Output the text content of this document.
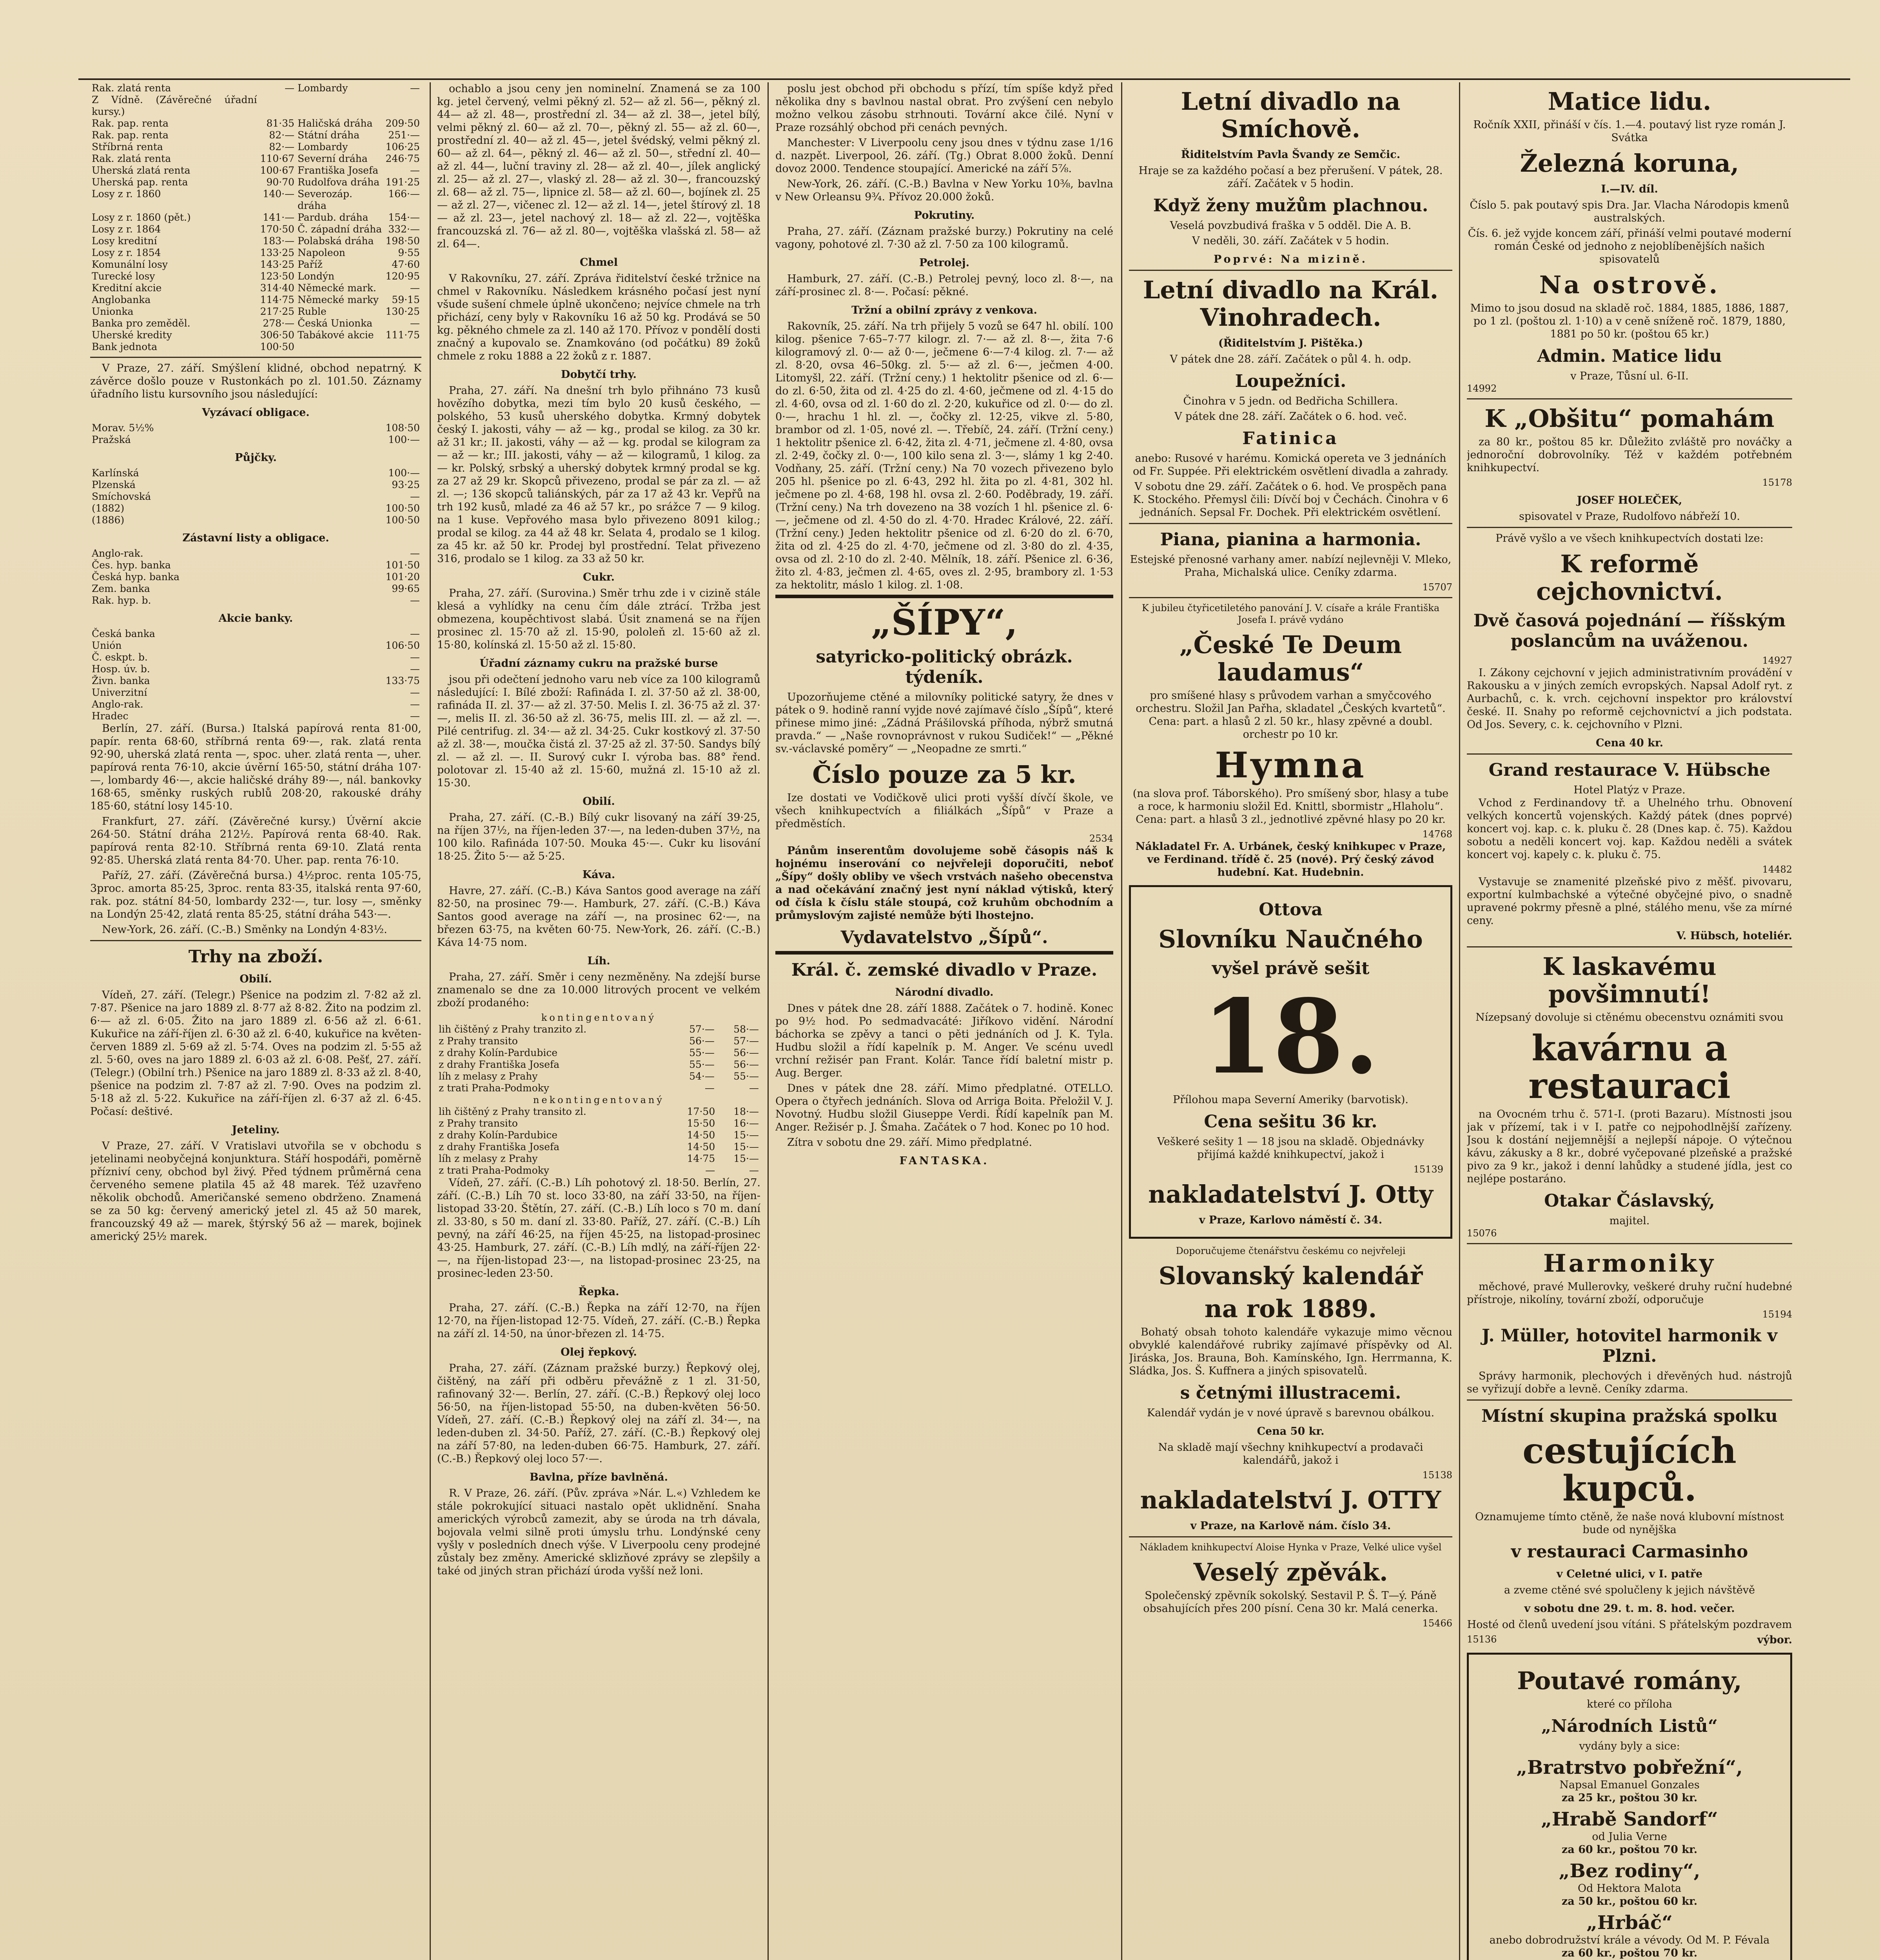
Rak. zlatá renta	—	Lombardy	—
Z Vídně. (Závěrečné úřadní kursy.)			
Rak. pap. renta	81·35	Haličská dráha	209·50
Rak. pap. renta	82·—	Státní dráha	251·—
Stříbrná renta	82·—	Lombardy	106·25
Rak. zlatá renta	110·67	Severní dráha	246·75
Uherská zlatá renta	100·67	Františka Josefa	—
Uherská pap. renta	90·70	Rudolfova dráha	191·25
Losy z r. 1860	140·—	Severozáp. dráha	166·—
Losy z r. 1860 (pět.)	141·—	Pardub. dráha	154·—
Losy z r. 1864	170·50	Č. západní dráha	332·—
Losy kreditní	183·—	Polabská dráha	198·50
Losy z r. 1854	133·25	Napoleon	9·55
Komunální losy	143·25	Paříž	47·60
Turecké losy	123·50	Londýn	120·95
Kreditní akcie	314·40	Německé mark.	—
Anglobanka	114·75	Německé marky	59·15
Unionka	217·25	Ruble	130·25
Banka pro zeměděl.	278·—	Česká Unionka	—
Uherské kredity	306·50	Tabákové akcie	111·75
Bank jednota	100·50		

V Praze, 27. září. Smýšlení klidné, obchod nepatrný. K závěrce došlo pouze v Rustonkách po zl. 101.50. Záznamy úřadního listu kursovního jsou následující:

Vyzávací obligace.
Morav. 5½%	108·50
Pražská	100·—
Půjčky.
Karlínská	100·—
Plzenská	93·25
Smíchovská	—
(1882)	100·50
(1886)	100·50
Zástavní listy a obligace.
Anglo-rak.	—
Čes. hyp. banka	101·50
Česká hyp. banka	101·20
Zem. banka	99·65
Rak. hyp. b.	—
Akcie banky.
Česká banka	—
Unión	106·50
Č. eskpt. b.	—
Hosp. úv. b.	—
Živn. banka	133·75
Univerzitní	—
Anglo-rak.	—
Hradec	—

Berlín, 27. září. (Bursa.) Italská papírová renta 81·00, papír. renta 68·60, stříbrná renta 69·—, rak. zlatá renta 92·90, uherská zlatá renta —, spoc. uher. zlatá renta —, uher. papírová renta 76·10, akcie úvěrní 165·50, státní dráha 107·—, lombardy 46·—, akcie haličské dráhy 89·—, nál. bankovky 168·65, směnky ruských rublů 208·20, rakouské dráhy 185·60, státní losy 145·10.

Frankfurt, 27. září. (Závěrečné kursy.) Úvěrní akcie 264·50. Státní dráha 212½. Papírová renta 68·40. Rak. papírová renta 82·10. Stříbrná renta 69·10. Zlatá renta 92·85. Uherská zlatá renta 84·70. Uher. pap. renta 76·10.

Paříž, 27. září. (Závěrečná bursa.) 4½proc. renta 105·75, 3proc. amorta 85·25, 3proc. renta 83·35, italská renta 97·60, rak. poz. státní 84·50, lombardy 232·—, tur. losy —, směnky na Londýn 25·42, zlatá renta 85·25, státní dráha 543·—.

New-York, 26. září. (C.-B.) Směnky na Londýn 4·83½.

Trhy na zboží.
Obilí.

Vídeň, 27. září. (Telegr.) Pšenice na podzim zl. 7·82 až zl. 7·87. Pšenice na jaro 1889 zl. 8·77 až 8·82. Žito na podzim zl. 6·— až zl. 6·05. Žito na jaro 1889 zl. 6·56 až zl. 6·61. Kukuřice na září-říjen zl. 6·30 až zl. 6·40, kukuřice na květen-červen 1889 zl. 5·69 až zl. 5·74. Oves na podzim zl. 5·55 až zl. 5·60, oves na jaro 1889 zl. 6·03 až zl. 6·08. Pešť, 27. září. (Telegr.) (Obilní trh.) Pšenice na jaro 1889 zl. 8·33 až zl. 8·40, pšenice na podzim zl. 7·87 až zl. 7·90. Oves na podzim zl. 5·18 až zl. 5·22. Kukuřice na září-říjen zl. 6·37 až zl. 6·45. Počasí: deštivé.

Jeteliny.

V Praze, 27. září. V Vratislavi utvořila se v obchodu s jetelinami neobyčejná konjunktura. Stáří hospodáři, poměrně přízniví ceny, obchod byl živý. Před týdnem průměrná cena červeného semene platila 45 až 48 marek. Též uzavřeno několik obchodů. Američanské semeno obdrženo. Znamená se za 50 kg: červený americký jetel zl. 45 až 50 marek, francouzský 49 až — marek, štýrský 56 až — marek, bojinek americký 25½ marek.

ochablo a jsou ceny jen nominelní. Znamená se za 100 kg. jetel červený, velmi pěkný zl. 52— až zl. 56—, pěkný zl. 44— až zl. 48—, prostřední zl. 34— až zl. 38—, jetel bílý, velmi pěkný zl. 60— až zl. 70—, pěkný zl. 55— až zl. 60—, prostřední zl. 40— až zl. 45—, jetel švédský, velmi pěkný zl. 60— až zl. 64—, pěkný zl. 46— až zl. 50—, střední zl. 40— až zl. 44—, luční traviny zl. 28— až zl. 40—, jílek anglický zl. 25— až zl. 27—, vlaský zl. 28— až zl. 30—, francouzský zl. 68— až zl. 75—, lipnice zl. 58— až zl. 60—, bojínek zl. 25— až zl. 27—, vičenec zl. 12— až zl. 14—, jetel štírový zl. 18— až zl. 23—, jetel nachový zl. 18— až zl. 22—, vojtěška francouzská zl. 76— až zl. 80—, vojtěška vlašská zl. 58— až zl. 64—.

Chmel

V Rakovníku, 27. září. Zpráva řiditelství české tržnice na chmel v Rakovníku. Následkem krásného počasí jest nyní všude sušení chmele úplně ukončeno; nejvíce chmele na trh přichází, ceny byly v Rakovníku 16 až 50 kg. Prodává se 50 kg. pěkného chmele za zl. 140 až 170. Přívoz v pondělí dosti značný a kupovalo se. Znamkováno (od počátku) 89 žoků chmele z roku 1888 a 22 žoků z r. 1887.

Dobytčí trhy.

Praha, 27. září. Na dnešní trh bylo přihnáno 73 kusů hovězího dobytka, mezi tím bylo 20 kusů českého, — polského, 53 kusů uherského dobytka. Krmný dobytek český I. jakosti, váhy — až — kg., prodal se kilog. za 30 kr. až 31 kr.; II. jakosti, váhy — až — kg. prodal se kilogram za — až — kr.; III. jakosti, váhy — až — kilogramů, 1 kilog. za — kr. Polský, srbský a uherský dobytek krmný prodal se kg. za 27 až 29 kr. Skopců přivezeno, prodal se pár za zl. — až zl. —; 136 skopců taliánských, pár za 17 až 43 kr. Vepřů na trh 192 kusů, mladé za 46 až 57 kr., po srážce 7 — 9 kilog. na 1 kuse. Vepřového masa bylo přivezeno 8091 kilog.; prodal se kilog. za 44 až 48 kr. Selata 4, prodalo se 1 kilog. za 45 kr. až 50 kr. Prodej byl prostřední. Telat přivezeno 316, prodalo se 1 kilog. za 33 až 50 kr.

Cukr.

Praha, 27. září. (Surovina.) Směr trhu zde i v cizině stále klesá a vyhlídky na cenu čím dále ztrácí. Tržba jest obmezena, koupěchtivost slabá. Úsit znamená se na říjen prosinec zl. 15·70 až zl. 15·90, pololeň zl. 15·60 až zl. 15·80, kolínská zl. 15·50 až zl. 15·80.

Úřadní záznamy cukru na pražské burse

jsou při odečtení jednoho varu neb více za 100 kilogramů následující: I. Bílé zboží: Rafináda I. zl. 37·50 až zl. 38·00, rafináda II. zl. 37·— až zl. 37·50. Melis I. zl. 36·75 až zl. 37·—, melis II. zl. 36·50 až zl. 36·75, melis III. zl. — až zl. —. Pilé centrifug. zl. 34·— až zl. 34·25. Cukr kostkový zl. 37·50 až zl. 38·—, moučka čistá zl. 37·25 až zl. 37·50. Sandys bílý zl. — až zl. —. II. Surový cukr I. výroba bas. 88° řend. polotovar zl. 15·40 až zl. 15·60, mužná zl. 15·10 až zl. 15·30.

Obilí.

Praha, 27. září. (C.-B.) Bílý cukr lisovaný na září 39·25, na říjen 37½, na říjen-leden 37·—, na leden-duben 37½, na 100 kilo. Rafináda 107·50. Mouka 45·—. Cukr ku lisování 18·25. Žito 5·— až 5·25.

Káva.

Havre, 27. září. (C.-B.) Káva Santos good average na září 82·50, na prosinec 79·—. Hamburk, 27. září. (C.-B.) Káva Santos good average na září —, na prosinec 62·—, na březen 63·75, na květen 60·75. New-York, 26. září. (C.-B.) Káva 14·75 nom.

Líh.

Praha, 27. září. Směr i ceny nezměněny. Na zdejší burse znamenalo se dne za 10.000 litrových procent ve velkém zboží prodaného:

kontingentovaný
lih čištěný z Prahy tranzito zl.	57·—	58·—
z Prahy transito	56·—	57·—
z drahy Kolín-Pardubice	55·—	56·—
z drahy Františka Josefa	55·—	56·—
líh z melasy z Prahy	54·—	55·—
z trati Praha-Podmoky	—	—
nekontingentovaný
lih čištěný z Prahy transito zl.	17·50	18·—
z Prahy transito	15·50	16·—
z drahy Kolín-Pardubice	14·50	15·—
z drahy Františka Josefa	14·50	15·—
líh z melasy z Prahy	14·75	15·—
z trati Praha-Podmoky	—	—

Vídeň, 27. září. (C.-B.) Líh pohotový zl. 18·50. Berlín, 27. září. (C.-B.) Líh 70 st. loco 33·80, na září 33·50, na říjen-listopad 33·20. Štětín, 27. září. (C.-B.) Líh loco s 70 m. daní zl. 33·80, s 50 m. daní zl. 33·80. Paříž, 27. září. (C.-B.) Líh pevný, na září 46·25, na říjen 45·25, na listopad-prosinec 43·25. Hamburk, 27. září. (C.-B.) Líh mdlý, na září-říjen 22·—, na říjen-listopad 23·—, na listopad-prosinec 23·25, na prosinec-leden 23·50.

Řepka.

Praha, 27. září. (C.-B.) Řepka na září 12·70, na říjen 12·70, na říjen-listopad 12·75. Vídeň, 27. září. (C.-B.) Řepka na září zl. 14·50, na únor-březen zl. 14·75.

Olej řepkový.

Praha, 27. září. (Záznam pražské burzy.) Řepkový olej, čištěný, na září při odběru převážně z 1 zl. 31·50, rafinovaný 32·—. Berlín, 27. září. (C.-B.) Řepkový olej loco 56·50, na říjen-listopad 55·50, na duben-květen 56·50. Vídeň, 27. září. (C.-B.) Řepkový olej na září zl. 34·—, na leden-duben zl. 34·50. Paříž, 27. září. (C.-B.) Řepkový olej na září 57·80, na leden-duben 66·75. Hamburk, 27. září. (C.-B.) Řepkový olej loco 57·—.

Bavlna, příze bavlněná.

R. V Praze, 26. září. (Pův. zpráva »Nár. L.«) Vzhledem ke stále pokrokující situaci nastalo opět uklidnění. Snaha amerických výrobců zamezit, aby se úroda na trh dávala, bojovala velmi silně proti úmyslu trhu. Londýnské ceny vyšly v posledních dnech výše. V Liverpoolu ceny prodejné zůstaly bez změny. Americké sklizňové zprávy se zlepšily a také od jiných stran přichází úroda vyšší než loni.

poslu jest obchod při obchodu s přízí, tím spíše když před několika dny s bavlnou nastal obrat. Pro zvýšení cen nebylo možno velkou zásobu strhnouti. Tovární akce čilé. Nyní v Praze rozsáhlý obchod při cenách pevných.

Manchester: V Liverpoolu ceny jsou dnes v týdnu zase 1/16 d. nazpět. Liverpool, 26. září. (Tg.) Obrat 8.000 žoků. Denní dovoz 2000. Tendence stoupající. Americké na září 5⅞.

New-York, 26. září. (C.-B.) Bavlna v New Yorku 10⅜, bavlna v New Orleansu 9¾. Přívoz 20.000 žoků.

Pokrutiny.

Praha, 27. září. (Záznam pražské burzy.) Pokrutiny na celé vagony, pohotové zl. 7·30 až zl. 7·50 za 100 kilogramů.

Petrolej.

Hamburk, 27. září. (C.-B.) Petrolej pevný, loco zl. 8·—, na září-prosinec zl. 8·—. Počasí: pěkné.

Tržní a obilní zprávy z venkova.

Rakovník, 25. září. Na trh přijely 5 vozů se 647 hl. obilí. 100 kilog. pšenice 7·65–7·77 kilogr. zl. 7·— až zl. 8·—, žita 7·6 kilogramový zl. 0·— až 0·—, ječmene 6·—7·4 kilog. zl. 7·— až zl. 8·20, ovsa 46–50kg. zl. 5·— až zl. 6·—, ječmen 4·00. Litomyšl, 22. září. (Tržní ceny.) 1 hektolitr pšenice od zl. 6·— do zl. 6·50, žita od zl. 4·25 do zl. 4·60, ječmene od zl. 4·15 do zl. 4·60, ovsa od zl. 1·60 do zl. 2·20, kukuřice od zl. 0·— do zl. 0·—, hrachu 1 hl. zl. —, čočky zl. 12·25, vikve zl. 5·80, brambor od zl. 1·05, nové zl. —. Třebíč, 24. září. (Tržní ceny.) 1 hektolitr pšenice zl. 6·42, žita zl. 4·71, ječmene zl. 4·80, ovsa zl. 2·49, čočky zl. 0·—, 100 kilo sena zl. 3·—, slámy 1 kg 2·40. Vodňany, 25. září. (Tržní ceny.) Na 70 vozech přivezeno bylo 205 hl. pšenice po zl. 6·43, 292 hl. žita po zl. 4·81, 302 hl. ječmene po zl. 4·68, 198 hl. ovsa zl. 2·60. Poděbrady, 19. září. (Tržní ceny.) Na trh dovezeno na 38 vozích 1 hl. pšenice zl. 6·—, ječmene od zl. 4·50 do zl. 4·70. Hradec Králové, 22. září. (Tržní ceny.) Jeden hektolitr pšenice od zl. 6·20 do zl. 6·70, žita od zl. 4·25 do zl. 4·70, ječmene od zl. 3·80 do zl. 4·35, ovsa od zl. 2·10 do zl. 2·40. Mělník, 18. září. Pšenice zl. 6·36, žito zl. 4·83, ječmen zl. 4·65, oves zl. 2·95, brambory zl. 1·53 za hektolitr, máslo 1 kilog. zl. 1·08.

„ŠÍPY“,
satyricko-politický obrázk. týdeník.

Upozorňujeme ctěné a milovníky politické satyry, že dnes v pátek o 9. hodině ranní vyjde nové zajímavé číslo „Šípů“, které přinese mimo jiné: „Zádná Prášilovská příhoda, nýbrž smutná pravda.“ — „Naše rovnoprávnost v rukou Sudiček!“ — „Pěkné sv.-václavské poměry“ — „Neopadne ze smrti.“

Číslo pouze za 5 kr.

Ize dostati ve Vodičkově ulici proti vyšší dívčí škole, ve všech knihkupectvích a filiálkách „Šípů“ v Praze a předměstích.

2534

Pánům inserentům dovolujeme sobě čásopis náš k hojnému inserování co nejvřeleji doporučiti, neboť „Šípy“ došly obliby ve všech vrstvách našeho obecenstva a nad očekávání značný jest nyní náklad výtisků, který od čísla k číslu stále stoupá, což kruhům obchodním a průmyslovým zajisté nemůže býti lhostejno.

Vydavatelstvo „Šípů“.
Král. č. zemské divadlo v Praze.
Národní divadlo.

Dnes v pátek dne 28. září 1888. Začátek o 7. hodině. Konec po 9½ hod. Po sedmadvacáté: Jiříkovo vidění. Národní báchorka se zpěvy a tanci o pěti jednáních od J. K. Tyla. Hudbu složil a řídí kapelník p. M. Anger. Ve scénu uvedl vrchní režisér pan Frant. Kolár. Tance řídí baletní mistr p. Aug. Berger.

Dnes v pátek dne 28. září. Mimo předplatné. OTELLO. Opera o čtyřech jednáních. Slova od Arriga Boita. Přeložil V. J. Novotný. Hudbu složil Giuseppe Verdi. Řídí kapelník pan M. Anger. Režisér p. J. Šmaha. Začátek o 7 hod. Konec po 10 hod.

Zítra v sobotu dne 29. září. Mimo předplatné.

FANTASKA.
Letní divadlo na Smíchově.
Řiditelstvím Pavla Švandy ze Semčic.

Hraje se za každého počasí a bez přerušení. V pátek, 28. září. Začátek v 5 hodin.

Když ženy mužům plachnou.

Veselá povzbudivá fraška v 5 odděl. Die A. B.

V neděli, 30. září. Začátek v 5 hodin.

Poprvé: Na mizině.
Letní divadlo na Král. Vinohradech.
(Řiditelstvím J. Pištěka.)

V pátek dne 28. září. Začátek o půl 4. h. odp.

Loupežníci.

Činohra v 5 jedn. od Bedřicha Schillera.

V pátek dne 28. září. Začátek o 6. hod. več.

Fatinica

anebo: Rusové v harému. Komická opereta ve 3 jednáních od Fr. Suppée. Při elektrickém osvětlení divadla a zahrady.

V sobotu dne 29. září. Začátek o 6. hod. Ve prospěch pana K. Stockého. Přemysl čili: Dívčí boj v Čechách. Činohra v 6 jednáních. Sepsal Fr. Dochek. Při elektrickém osvětlení.

Piana, pianina a harmonia.

Estejské přenosné varhany amer. nabízí nejlevněji V. Mleko, Praha, Michalská ulice. Ceníky zdarma.

15707

K jubileu čtyřicetiletého panování J. V. císaře a krále Františka Josefa I. právě vydáno

„České Te Deum laudamus“

pro smíšené hlasy s průvodem varhan a smyčcového orchestru. Složil Jan Pařha, skladatel „Českých kvartetů“. Cena: part. a hlasů 2 zl. 50 kr., hlasy zpěvné a doubl. orchestr po 10 kr.

Hymna

(na slova prof. Táborského). Pro smíšený sbor, hlasy a tube a roce, k harmoniu složil Ed. Knittl, sbormistr „Hlaholu“. Cena: part. a hlasů 3 zl., jednotlivé zpěvné hlasy po 20 kr.

14768

Nákladatel Fr. A. Urbánek, český knihkupec v Praze, ve Ferdinand. třídě č. 25 (nové). Prý český závod hudební. Kat. Hudebnin.

Ottova
Slovníku Naučného
vyšel právě sešit
18.

Přílohou mapa Severní Ameriky (barvotisk).

Cena sešitu 36 kr.

Veškeré sešity 1 — 18 jsou na skladě. Objednávky přijímá každé knihkupectví, jakož i

15139
nakladatelství J. Otty
v Praze, Karlovo náměstí č. 34.

Doporučujeme čtenářstvu českému co nejvřeleji

Slovanský kalendář
na rok 1889.

Bohatý obsah tohoto kalendáře vykazuje mimo věcnou obvyklé kalendářové rubriky zajímavé příspěvky od Al. Jiráska, Jos. Brauna, Boh. Kamínského, Ign. Herrmanna, K. Sládka, Jos. Š. Kuffnera a jiných spisovatelů.

s četnými illustracemi.

Kalendář vydán je v nové úpravě s barevnou obálkou.

Cena 50 kr.

Na skladě mají všechny knihkupectví a prodavači kalendářů, jakož i

15138
nakladatelství J. OTTY
v Praze, na Karlově nám. číslo 34.

Nákladem knihkupectví Aloise Hynka v Praze, Velké ulice vyšel

Veselý zpěvák.

Společenský zpěvník sokolský. Sestavil P. Š. T—ý. Páně obsahujících přes 200 písní. Cena 30 kr. Malá cenerka.

15466
Matice lidu.

Ročník XXII, přináší v čís. 1.—4. poutavý list ryze román J. Svátka

Železná koruna,
I.—IV. díl.

Číslo 5. pak poutavý spis Dra. Jar. Vlacha Národopis kmenů australských.

Čís. 6. jež vyjde koncem září, přináší velmi poutavé moderní román České od jednoho z nejoblíbenějších našich spisovatelů

Na ostrově.

Mimo to jsou dosud na skladě roč. 1884, 1885, 1886, 1887, po 1 zl. (poštou zl. 1·10) a v ceně sníženě roč. 1879, 1880, 1881 po 50 kr. (poštou 65 kr.)

Admin. Matice lidu
v Praze, Tůsní ul. 6-II.
14992
K „Obšitu“ pomahám

za 80 kr., poštou 85 kr. Důležito zvláště pro nováčky a jednoroční dobrovolníky. Též v každém potřebném knihkupectví.

15178
JOSEF HOLEČEK,
spisovatel v Praze, Rudolfovo nábřeží 10.

Právě vyšlo a ve všech knihkupectvích dostati lze:

K reformě cejchovnictví.
Dvě časová pojednání — říšským poslancům na uváženou.
14927

I. Zákony cejchovní v jejich administrativním provádění v Rakousku a v jiných zemích evropských. Napsal Adolf ryt. z Aurbachů, c. k. vrch. cejchovní inspektor pro království české. II. Snahy po reformě cejchovnictví a jich podstata. Od Jos. Severy, c. k. cejchovního v Plzni.

Cena 40 kr.
Grand restaurace V. Hübsche
Hotel Platýz v Praze.

Vchod z Ferdinandovy tř. a Uhelného trhu. Obnovení velkých koncertů vojenských. Každý pátek (dnes poprvé) koncert voj. kap. c. k. pluku č. 28 (Dnes kap. č. 75). Každou sobotu a neděli koncert voj. kap. Každou neděli a svátek koncert voj. kapely c. k. pluku č. 75.

14482

Vystavuje se znamenité plzeňské pivo z měšť. pivovaru, exportní kulmbachské a výtečné obyčejné pivo, o snadně upravené pokrmy přesně a plné, stálého menu, vše za mírné ceny.

V. Hübsch, hoteliér.
K laskavému povšimnutí!

Nízepsaný dovoluje si ctěnému obecenstvu oznámiti svou

kavárnu a restauraci

na Ovocném trhu č. 571-I. (proti Bazaru). Místnosti jsou jak v přízemí, tak i v I. patře co nejpohodlnější zařízeny. Jsou k dostání nejjemnější a nejlepší nápoje. O výtečnou kávu, zákusky a 8 kr., dobré vyčepované plzeňské a pražské pivo za 9 kr., jakož i denní lahůdky a studené jídla, jest co nejlépe postaráno.

Otakar Čáslavský,
majitel.
15076
Harmoniky

měchové, pravé Mullerovky, veškeré druhy ruční hudebné přístroje, nikolíny, tovární zboží, odporučuje

15194
J. Müller, hotovitel harmonik v Plzni.

Správy harmonik, plechových i dřevěných hud. nástrojů se vyřizují dobře a levně. Ceníky zdarma.

Místní skupina pražská spolku
cestujících kupců.

Oznamujeme tímto ctěně, že naše nová klubovní místnost bude od nynějška

v restauraci Carmasinho
v Celetné ulici, v I. patře

a zveme ctěné své spolučleny k jejich návštěvě

v sobotu dne 29. t. m. 8. hod. večer.

Hosté od členů uvedení jsou vítáni. S přátelským pozdravem

15136	výbor.
Poutavé romány,
které co příloha
„Národních Listů“
vydány byly a sice:
„Bratrstvo pobřežní“,
Napsal Emanuel Gonzales
za 25 kr., poštou 30 kr.
„Hrabě Sandorf“
od Julia Verne
za 60 kr., poštou 70 kr.
„Bez rodiny“,
Od Hektora Malota
za 50 kr., poštou 60 kr.
„Hrbáč“
anebo dobrodružství krále a vévody. Od M. P. Févala
za 60 kr., poštou 70 kr.
